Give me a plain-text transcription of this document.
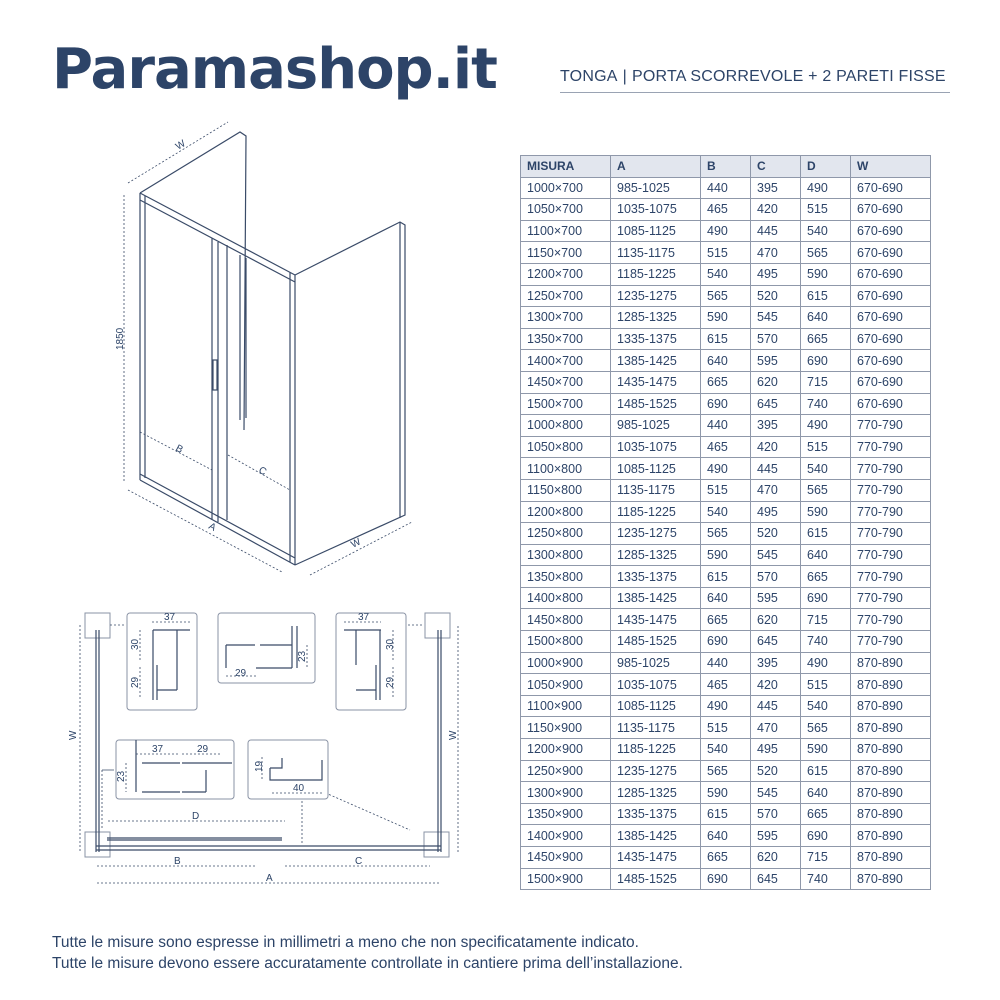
Paramashop.it	TONGA | PORTA SCORREVOLE + 2 PARETI FISSE
W
1850
B
C
A
W
W	W
D
B	C
A
37
30
29
29
23
37
30
29
37	29
23
19
40
MISURA	A	B	C	D	W
1000×700	985-1025	440	395	490	670-690
1050×700	1035-1075	465	420	515	670-690
1100×700	1085-1125	490	445	540	670-690
1150×700	1135-1175	515	470	565	670-690
1200×700	1185-1225	540	495	590	670-690
1250×700	1235-1275	565	520	615	670-690
1300×700	1285-1325	590	545	640	670-690
1350×700	1335-1375	615	570	665	670-690
1400×700	1385-1425	640	595	690	670-690
1450×700	1435-1475	665	620	715	670-690
1500×700	1485-1525	690	645	740	670-690
1000×800	985-1025	440	395	490	770-790
1050×800	1035-1075	465	420	515	770-790
1100×800	1085-1125	490	445	540	770-790
1150×800	1135-1175	515	470	565	770-790
1200×800	1185-1225	540	495	590	770-790
1250×800	1235-1275	565	520	615	770-790
1300×800	1285-1325	590	545	640	770-790
1350×800	1335-1375	615	570	665	770-790
1400×800	1385-1425	640	595	690	770-790
1450×800	1435-1475	665	620	715	770-790
1500×800	1485-1525	690	645	740	770-790
1000×900	985-1025	440	395	490	870-890
1050×900	1035-1075	465	420	515	870-890
1100×900	1085-1125	490	445	540	870-890
1150×900	1135-1175	515	470	565	870-890
1200×900	1185-1225	540	495	590	870-890
1250×900	1235-1275	565	520	615	870-890
1300×900	1285-1325	590	545	640	870-890
1350×900	1335-1375	615	570	665	870-890
1400×900	1385-1425	640	595	690	870-890
1450×900	1435-1475	665	620	715	870-890
1500×900	1485-1525	690	645	740	870-890
Tutte le misure sono espresse in millimetri a meno che non specificatamente indicato.
Tutte le misure devono essere accuratamente controllate in cantiere prima dell’installazione.
